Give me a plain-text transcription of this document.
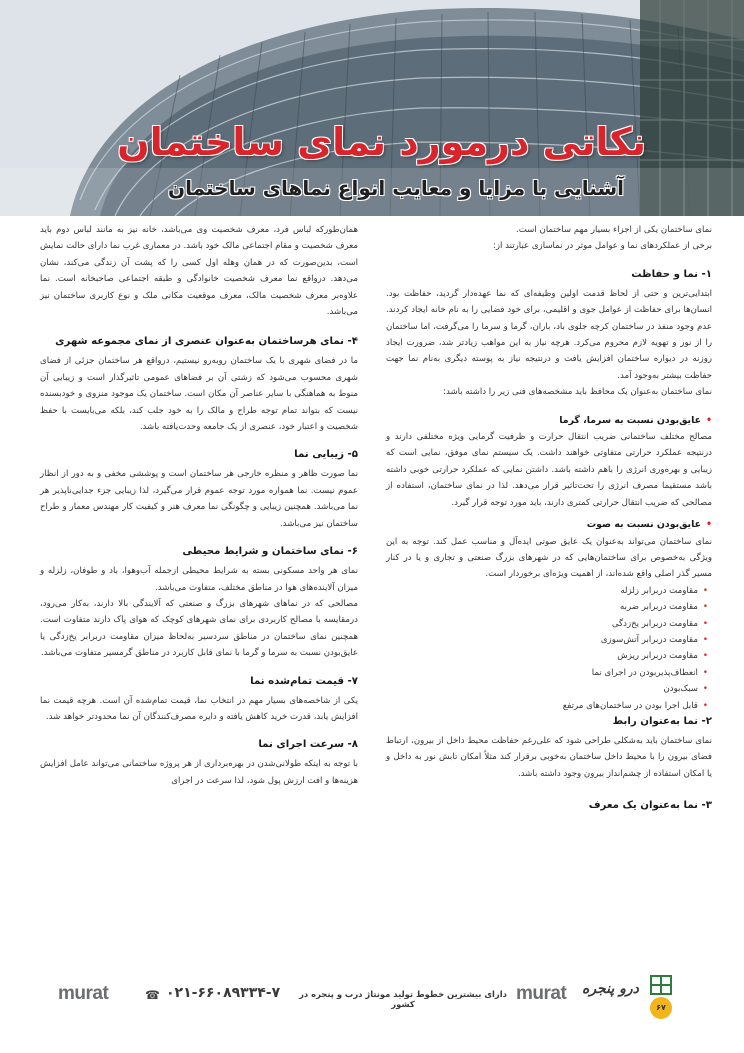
نکاتی درمورد نمای ساختمان
آشنایی با مزایا و معایب انواع نماهای ساختمان

نمای ساختمان یکی از اجزاء بسیار مهم ساختمان است.

برخی از عملکردهای نما و عوامل موثر در نماسازی عبارتند از:

۱- نما و حفاظت

ابتدایی‌ترین و حتی از لحاظ قدمت اولین وظیفه‌ای که نما عهده‌دار گردید، حفاظت بود. انسان‌ها برای حفاظت از عوامل جوی و اقلیمی، برای خود فضایی را به نام خانه ایجاد کردند. عدم وجود منفذ در ساختمان کرچه جلوی باد، باران، گرما و سرما را می‌گرفت، اما ساختمان را از نور و تهویه لازم محروم می‌کرد. هرچه نیاز به این مواهب زیادتر شد، ضرورت ایجاد روزنه در دیواره ساختمان افزایش یافت و درنتیجه نیاز به پوسته دیگری به‌نام نما جهت حفاظت بیشتر به‌وجود آمد.

نمای ساختمان به‌عنوان یک محافظ باید مشخصه‌های فنی زیر را داشته باشد:

• عایق‌بودن نسبت به سرما، گرما

مصالح مختلف ساختمانی ضریب انتقال حرارت و ظرفیت گرمایی ویژه مختلفی دارند و درنتیجه عملکرد حرارتی متفاوتی خواهند داشت. یک سیستم نمای موفق، نمایی است که زیبایی و بهره‌وری انرژی را باهم داشته باشد. داشتن نمایی که عملکرد حرارتی خوبی داشته باشد مستقیما مصرف انرژی را تحت‌تاثیر قرار می‌دهد. لذا در نمای ساختمان، استفاده از مصالحی که ضریب انتقال حرارتی کمتری دارند، باید مورد توجه قرار گیرد.

• عایق‌بودن نسبت به صوت

نمای ساختمان می‌تواند به‌عنوان یک عایق صوتی ایده‌آل و مناسب عمل کند. توجه به این ویژگی به‌خصوص برای ساختمان‌هایی که در شهرهای بزرگ صنعتی و تجاری و یا در کنار مسیر گذر اصلی واقع شده‌اند، از اهمیت ویژه‌ای برخوردار است.

• مقاومت دربرابر زلزله
• مقاومت دربرابر ضربه
• مقاومت دربرابر یخ‌زدگی
• مقاومت دربرابر آتش‌سوزی
• مقاومت دربرابر ریزش
• انعطاف‌پذیربودن در اجرای نما
• سبک‌بودن
• قابل اجرا بودن در ساختمان‌های مرتفع
۲- نما به‌عنوان رابط

نمای ساختمان باید به‌شکلی طراحی شود که علی‌رغم حفاظت محیط داخل از بیرون، ارتباط فضای بیرون را با محیط داخل ساختمان به‌خوبی برقرار کند مثلاً امکان تابش نور به داخل و یا امکان استفاده از چشم‌انداز بیرون وجود داشته باشد.

۳- نما به‌عنوان یک معرف

همان‌طورکه لباس فرد، معرف شخصیت وی می‌باشد، خانه نیز به مانند لباس دوم باید معرف شخصیت و مقام اجتماعی مالک خود باشد. در معماری غرب نما دارای حالت نمایش است، بدین‌صورت که در همان وهله اول کسی را که پشت آن زندگی می‌کند، نشان می‌دهد. درواقع نما معرف شخصیت خانوادگی و طبقه اجتماعی صاحبخانه است. نما علاوه‌بر معرف شخصیت مالک، معرف موقعیت مکانی ملک و نوع کاربری ساختمان نیز می‌باشد.

۴- نمای هرساختمان به‌عنوان عنصری از نمای مجموعه شهری

ما در فضای شهری با یک ساختمان روبه‌رو نیستیم، درواقع هر ساختمان جزئی از فضای شهری محسوب می‌شود که زشتی آن بر فضاهای عمومی تاثیرگذار است و زیبایی آن منوط به هماهنگی با سایر عناصر آن مکان است. ساختمان یک موجود منزوی و خودبسنده نیست که بتواند تمام توجه طراح و مالک را به خود جلب کند، بلکه می‌بایست با حفظ شخصیت و اعتبار خود، عنصری از یک جامعه وحدت‌یافته باشد.

۵- زیبایی نما

نما صورت ظاهر و منظره خارجی هر ساختمان است و پوششی مخفی و به دور از انظار عموم نیست. نما همواره مورد توجه عموم قرار می‌گیرد، لذا زیبایی جزء جدایی‌ناپذیر هر نما می‌باشد. همچنین زیبایی و چگونگی نما معرف هنر و کیفیت کار مهندس معمار و طراح ساختمان نیز می‌باشد.

۶- نمای ساختمان و شرایط محیطی

نمای هر واحد مسکونی بسته به شرایط محیطی ازجمله آب‌وهوا، باد و طوفان، زلزله و میزان آلاینده‌های هوا در مناطق مختلف، متفاوت می‌باشد.

مصالحی که در نماهای شهرهای بزرگ و صنعتی که آلایندگی بالا دارند، به‌کار می‌رود، درمقایسه با مصالح کاربردی برای نمای شهرهای کوچک که هوای پاک دارند متفاوت است. همچنین نمای ساختمان در مناطق سردسیر به‌لحاظ میزان مقاومت دربرابر یخ‌زدگی یا عایق‌بودن نسبت به سرما و گرما با نمای قابل کاربرد در مناطق گرمسیر متفاوت می‌باشد.

۷- قیمت تمام‌شده نما

یکی از شاخصه‌های بسیار مهم در انتخاب نما، قیمت تمام‌شده آن است. هرچه قیمت نما افزایش یابد، قدرت خرید کاهش یافته و دایره مصرف‌کنندگان آن نما محدودتر خواهد شد.

۸- سرعت اجرای نما

با توجه به اینکه طولانی‌شدن در بهره‌برداری از هر پروژه ساختمانی می‌تواند عامل افزایش هزینه‌ها و افت ارزش پول شود، لذا سرعت در اجرای

murat	☎ ۰۲۱-۶۶۰۸۹۳۳۴-۷ دارای بیشترین خطوط تولید مونتاژ درب و پنجره در کشور	murat درو پنجره
۶۷
